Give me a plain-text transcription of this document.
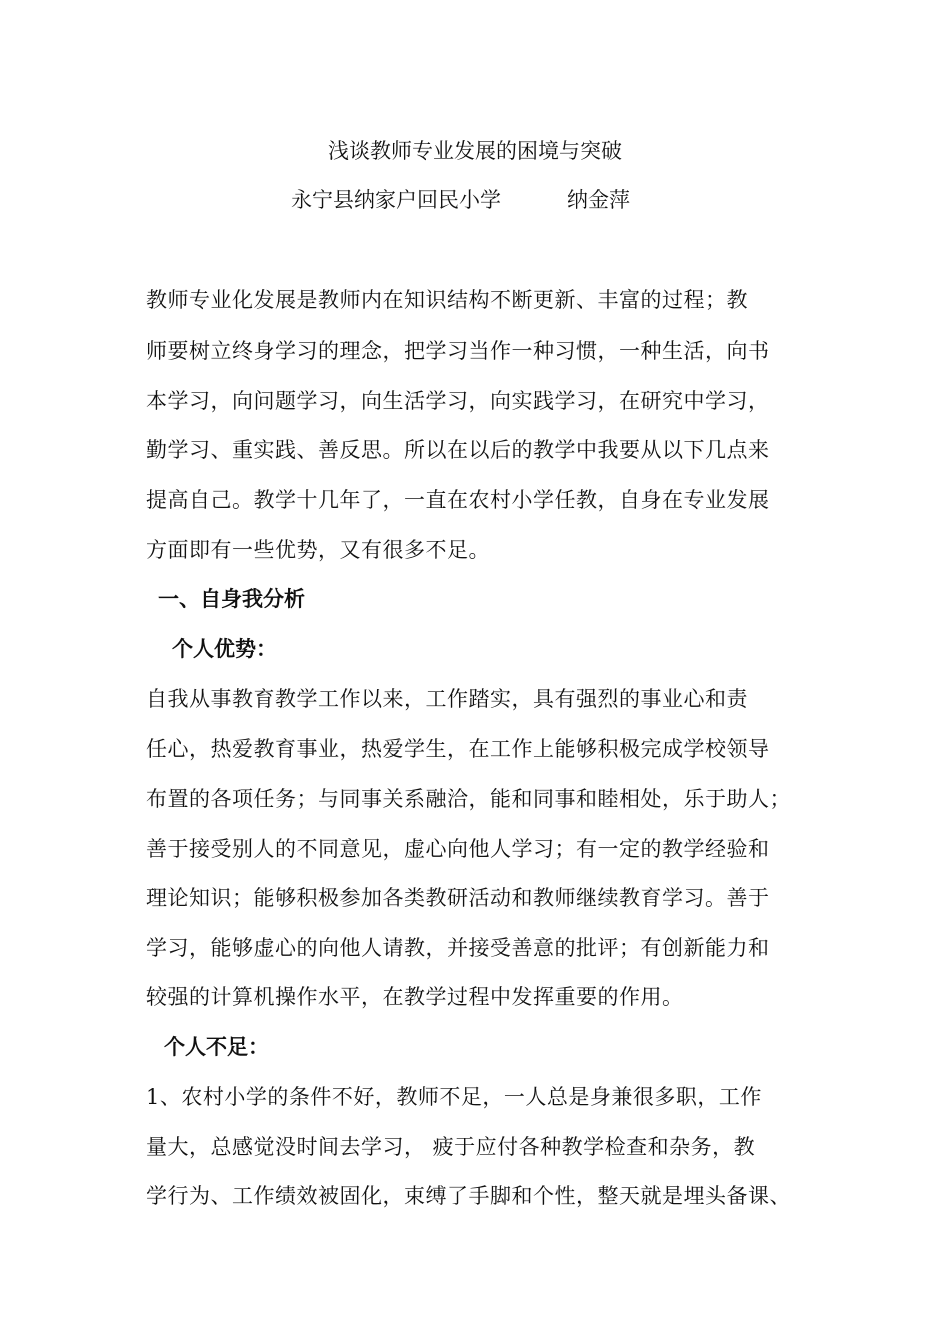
浅谈教师专业发展的困境与突破
永宁县纳家户回民小学	纳金萍
教师专业化发展是教师内在知识结构不断更新、丰富的过程；教
师要树立终身学习的理念，把学习当作一种习惯，一种生活，向书
本学习，向问题学习，向生活学习，向实践学习，在研究中学习，
勤学习、重实践、善反思。所以在以后的教学中我要从以下几点来
提高自己。教学十几年了，一直在农村小学任教，自身在专业发展
方面即有一些优势，又有很多不足。
一、自身我分析
个人优势：
自我从事教育教学工作以来，工作踏实，具有强烈的事业心和责
任心，热爱教育事业，热爱学生，在工作上能够积极完成学校领导
布置的各项任务；与同事关系融洽，能和同事和睦相处，乐于助人；
善于接受别人的不同意见，虚心向他人学习；有一定的教学经验和
理论知识；能够积极参加各类教研活动和教师继续教育学习。善于
学习，能够虚心的向他人请教，并接受善意的批评；有创新能力和
较强的计算机操作水平，在教学过程中发挥重要的作用。
个人不足：
1、农村小学的条件不好，教师不足，一人总是身兼很多职，工作
量大，总感觉没时间去学习， 疲于应付各种教学检查和杂务，教
学行为、工作绩效被固化，束缚了手脚和个性，整天就是埋头备课、
